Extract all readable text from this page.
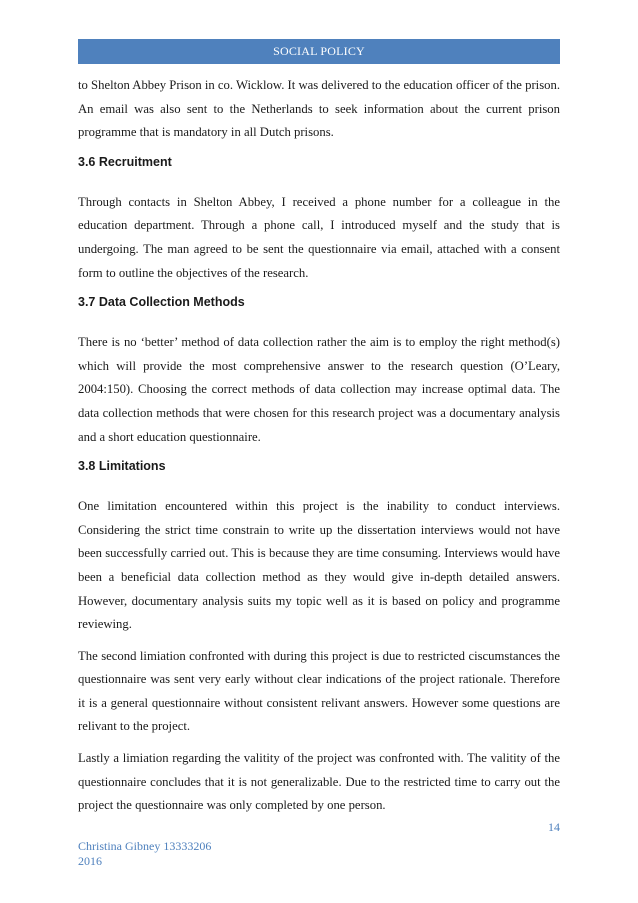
SOCIAL POLICY

to Shelton Abbey Prison in co. Wicklow. It was delivered to the education officer of the prison. An email was also sent to the Netherlands to seek information about the current prison programme that is mandatory in all Dutch prisons.

3.6 Recruitment

Through contacts in Shelton Abbey, I received a phone number for a colleague in the education department. Through a phone call, I introduced myself and the study that is undergoing. The man agreed to be sent the questionnaire via email, attached with a consent form to outline the objectives of the research.

3.7 Data Collection Methods

There is no ‘better’ method of data collection rather the aim is to employ the right method(s) which will provide the most comprehensive answer to the research question (O’Leary, 2004:150). Choosing the correct methods of data collection may increase optimal data. The data collection methods that were chosen for this research project was a documentary analysis and a short education questionnaire.

3.8 Limitations

One limitation encountered within this project is the inability to conduct interviews. Considering the strict time constrain to write up the dissertation interviews would not have been successfully carried out. This is because they are time consuming. Interviews would have been a beneficial data collection method as they would give in-depth detailed answers. However, documentary analysis suits my topic well as it is based on policy and programme reviewing.

The second limiation confronted with during this project is due to restricted ciscumstances the questionnaire was sent very early without clear indications of the project rationale. Therefore it is a general questionnaire without consistent relivant answers. However some questions are relivant to the project.

Lastly a limiation regarding the valitity of the project was confronted with. The valitity of the questionnaire concludes that it is not generalizable. Due to the restricted time to carry out the project the questionnaire was only completed by one person.

14
Christina Gibney 13333206
2016
